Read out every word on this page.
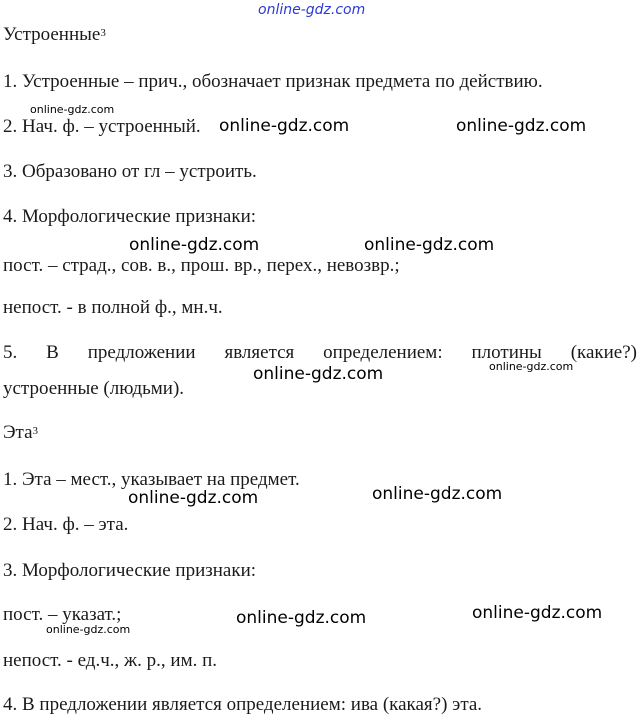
online-gdz.com
Устроенные$^3$
1. Устроенные – прич., обозначает признак предмета по действию.
2. Нач. ф. – устроенный.
3. Образовано от гл – устроить.
4. Морфологические признаки:
пост. – страд., сов. в., прош. вр., перех., невозвр.;
непост. - в полной ф., мн.ч.
5. В предложении является определением: плотины (какие?)
устроенные (людьми).
Эта$^3$
1. Эта – мест., указывает на предмет.
2. Нач. ф. – эта.
3. Морфологические признаки:
пост. – указат.;
непост. - ед.ч., ж. р., им. п.
4. В предложении является определением: ива (какая?) эта.
online-gdz.com
online-gdz.com	online-gdz.com
online-gdz.com	online-gdz.com
online-gdz.com
online-gdz.com
online-gdz.com	online-gdz.com
online-gdz.com	online-gdz.com
online-gdz.com
